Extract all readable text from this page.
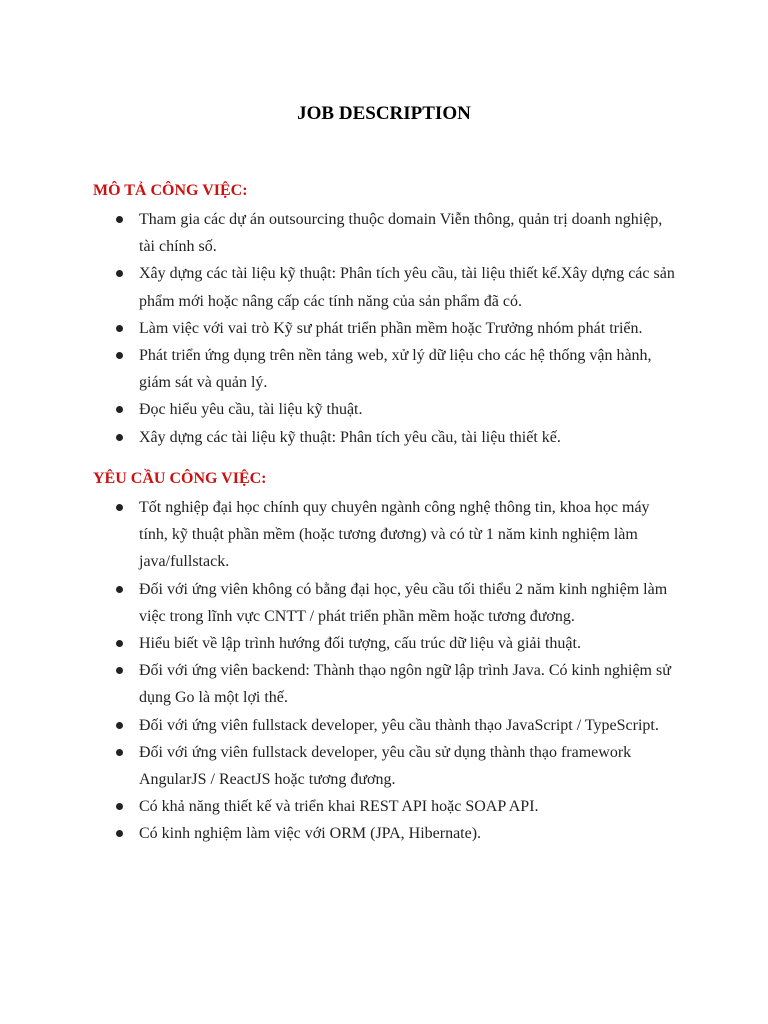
JOB DESCRIPTION
MÔ TẢ CÔNG VIỆC:
Tham gia các dự án outsourcing thuộc domain Viễn thông, quản trị doanh nghiệp, tài chính số.
Xây dựng các tài liệu kỹ thuật: Phân tích yêu cầu, tài liệu thiết kế.Xây dựng các sản phẩm mới hoặc nâng cấp các tính năng của sản phẩm đã có.
Làm việc với vai trò Kỹ sư phát triển phần mềm hoặc Trưởng nhóm phát triển.
Phát triển ứng dụng trên nền tảng web, xử lý dữ liệu cho các hệ thống vận hành, giám sát và quản lý.
Đọc hiểu yêu cầu, tài liệu kỹ thuật.
Xây dựng các tài liệu kỹ thuật: Phân tích yêu cầu, tài liệu thiết kế.
YÊU CẦU CÔNG VIỆC:
Tốt nghiệp đại học chính quy chuyên ngành công nghệ thông tin, khoa học máy tính, kỹ thuật phần mềm (hoặc tương đương) và có từ 1 năm kinh nghiệm làm java/fullstack.
Đối với ứng viên không có bằng đại học, yêu cầu tối thiểu 2 năm kinh nghiệm làm việc trong lĩnh vực CNTT / phát triển phần mềm hoặc tương đương.
Hiểu biết về lập trình hướng đối tượng, cấu trúc dữ liệu và giải thuật.
Đối với ứng viên backend: Thành thạo ngôn ngữ lập trình Java. Có kinh nghiệm sử dụng Go là một lợi thế.
Đối với ứng viên fullstack developer, yêu cầu thành thạo JavaScript / TypeScript.
Đối với ứng viên fullstack developer, yêu cầu sử dụng thành thạo framework AngularJS / ReactJS hoặc tương đương.
Có khả năng thiết kế và triển khai REST API hoặc SOAP API.
Có kinh nghiệm làm việc với ORM (JPA, Hibernate).
